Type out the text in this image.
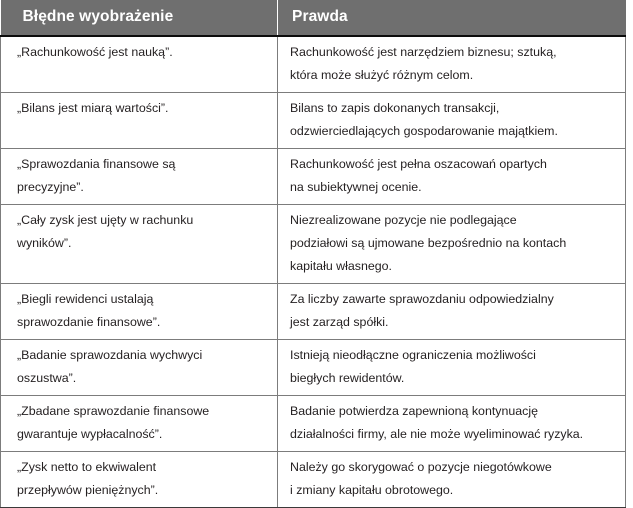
Błędne wyobrażenie	Prawda

„Rachunkowość jest nauką”.	Rachunkowość jest narzędziem biznesu; sztuką,
która może służyć różnym celom.

„Bilans jest miarą wartości”.	Bilans to zapis dokonanych transakcji,
odzwierciedlających gospodarowanie majątkiem.

„Sprawozdania finansowe są
precyzyjne”.	Rachunkowość jest pełna oszacowań opartych
na subiektywnej ocenie.

„Cały zysk jest ujęty w rachunku
wyników”.	Niezrealizowane pozycje nie podlegające
podziałowi są ujmowane bezpośrednio na kontach
kapitału własnego.

„Biegli rewidenci ustalają
sprawozdanie finansowe”.	Za liczby zawarte sprawozdaniu odpowiedzialny
jest zarząd spółki.

„Badanie sprawozdania wychwyci
oszustwa”.	Istnieją nieodłączne ograniczenia możliwości
biegłych rewidentów.

„Zbadane sprawozdanie finansowe
gwarantuje wypłacalność”.	Badanie potwierdza zapewnioną kontynuację
działalności firmy, ale nie może wyeliminować ryzyka.

„Zysk netto to ekwiwalent
przepływów pieniężnych”.	Należy go skorygować o pozycje niegotówkowe
i zmiany kapitału obrotowego.
